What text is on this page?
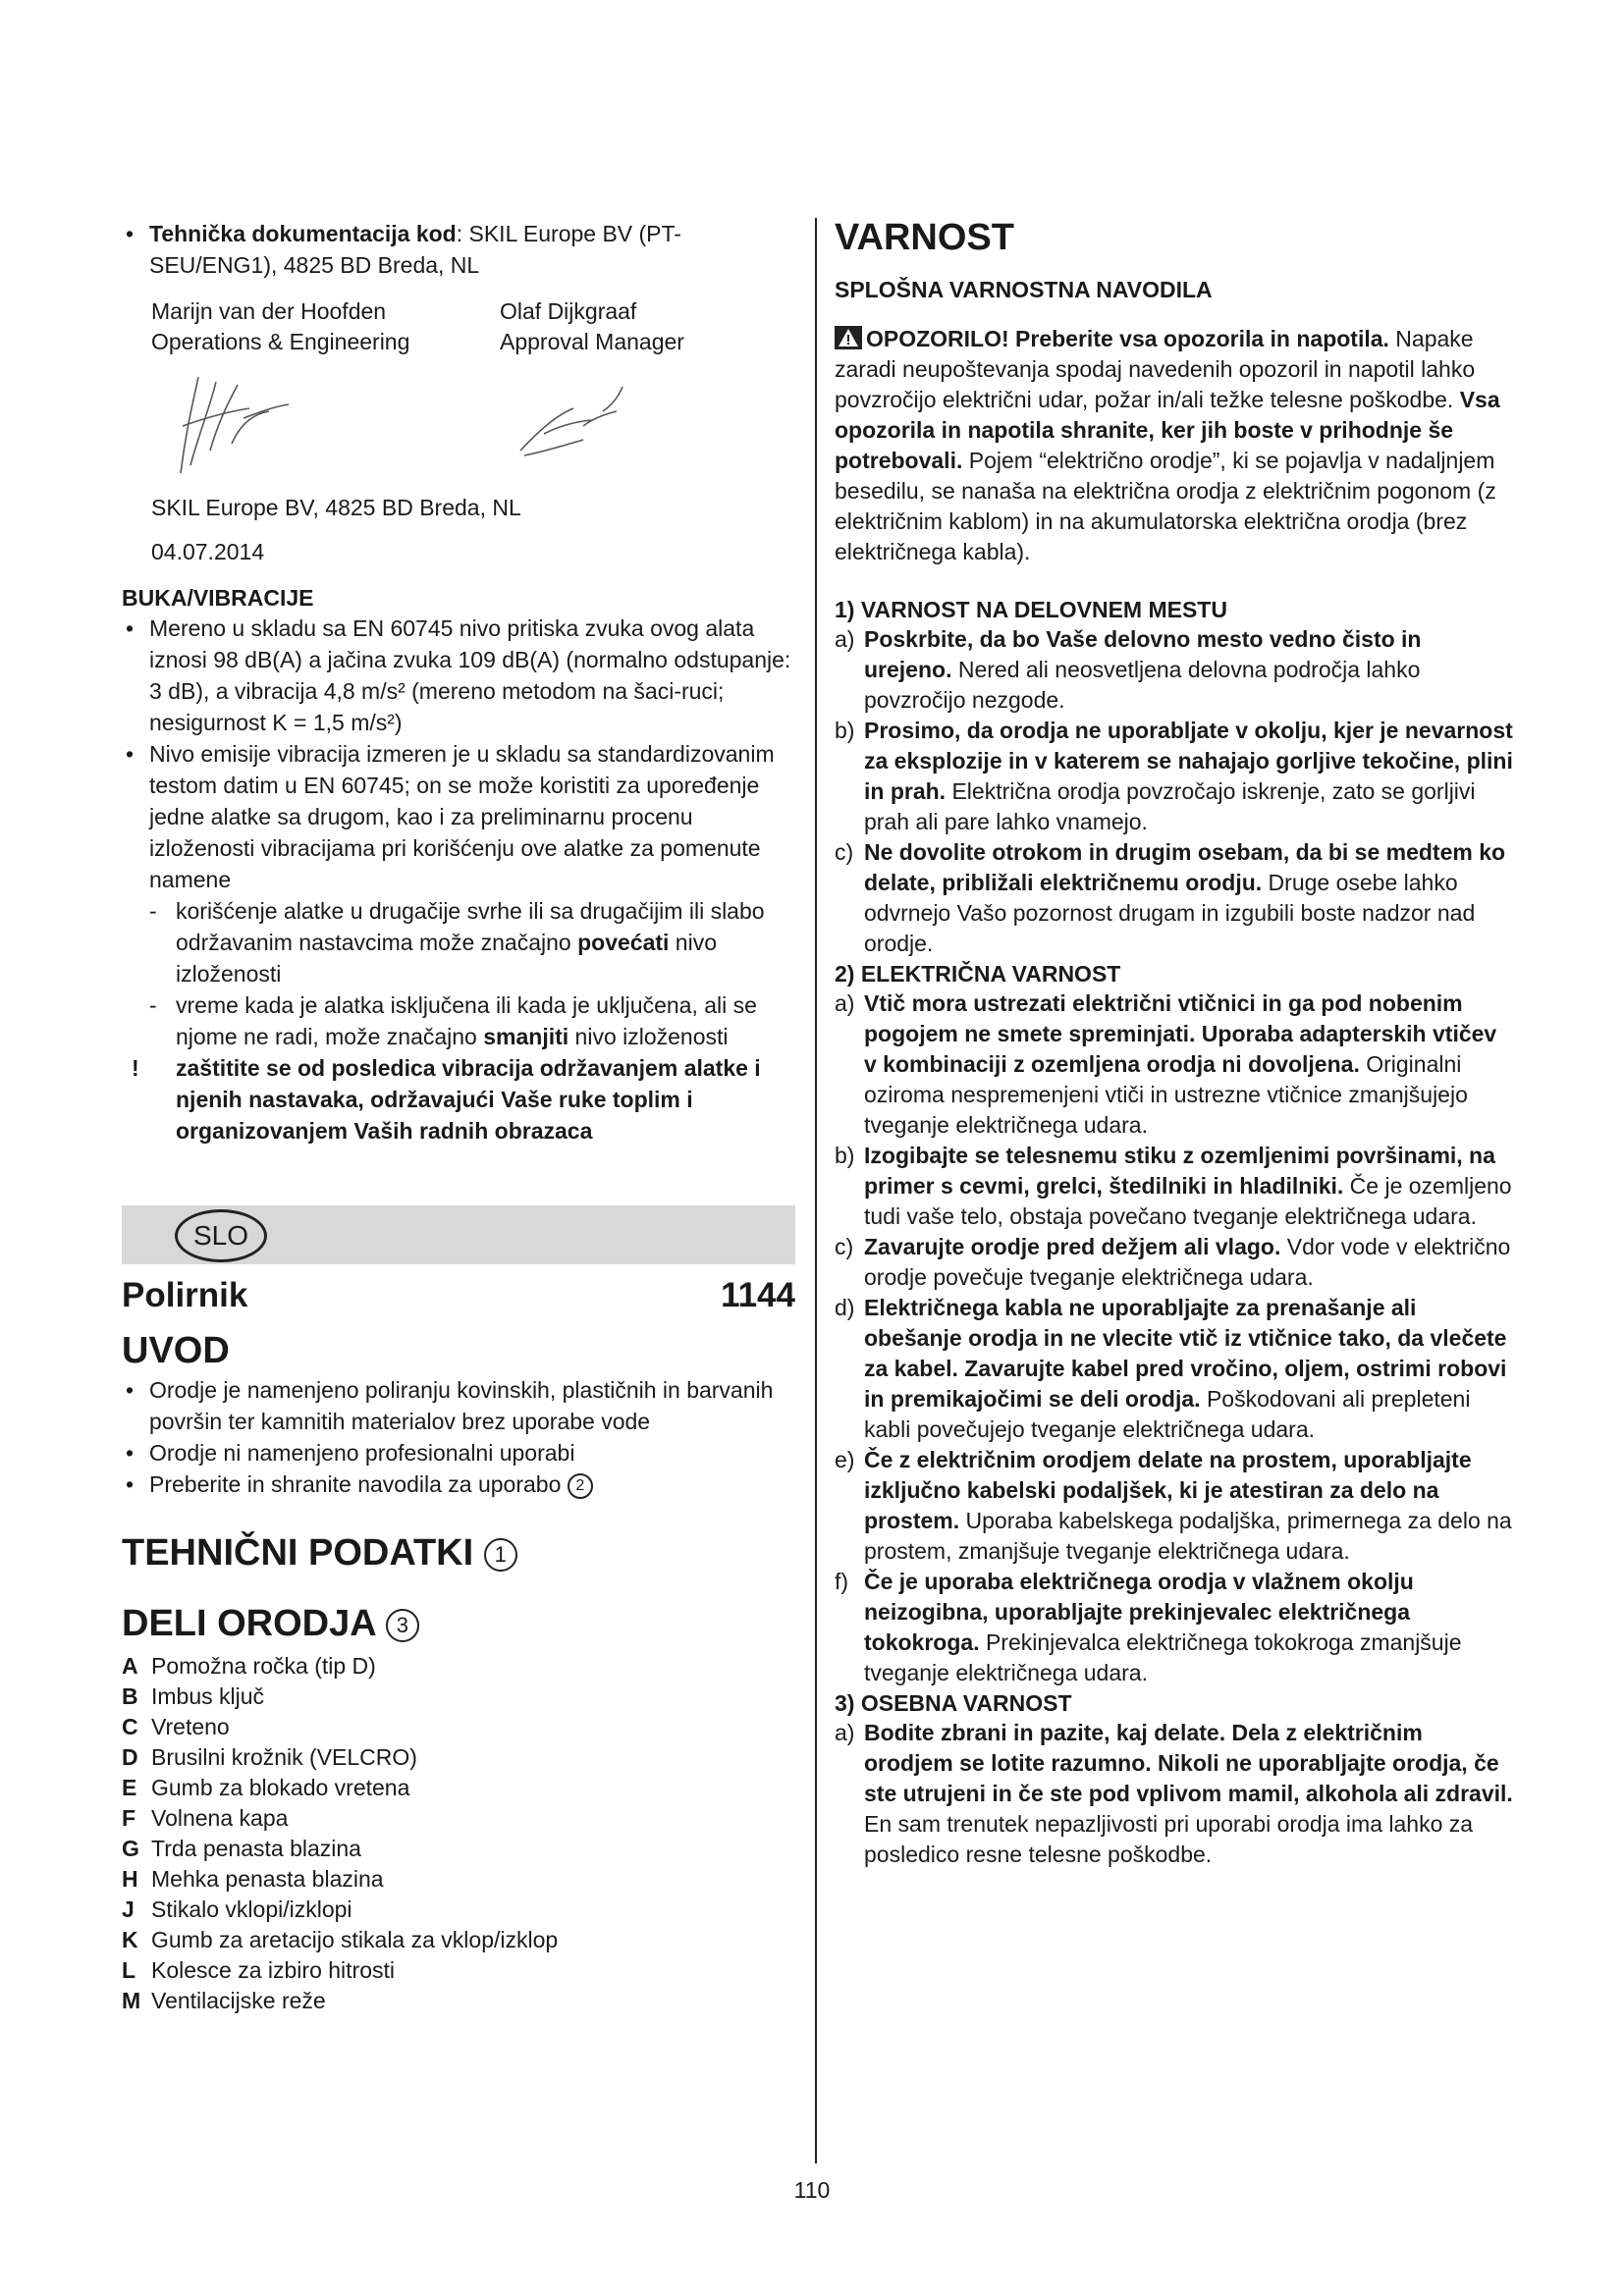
• Tehnička dokumentacija kod: SKIL Europe BV (PT-SEU/ENG1), 4825 BD Breda, NL
Marijn van der Hoofden
Operations & Engineering
Olaf Dijkgraaf
Approval Manager

SKIL Europe BV, 4825 BD Breda, NL

04.07.2014

BUKA/VIBRACIJE
• Mereno u skladu sa EN 60745 nivo pritiska zvuka ovog alata iznosi 98 dB(A) a jačina zvuka 109 dB(A) (normalno odstupanje: 3 dB), a vibracija 4,8 m/s² (mereno metodom na šaci-ruci; nesigurnost K = 1,5 m/s²)
• Nivo emisije vibracija izmeren je u skladu sa standardizovanim testom datim u EN 60745; on se može koristiti za upoređenje jedne alatke sa drugom, kao i za preliminarnu procenu izloženosti vibracijama pri korišćenju ove alatke za pomenute namene
- korišćenje alatke u drugačije svrhe ili sa drugačijim ili slabo održavanim nastavcima može značajno povećati nivo izloženosti
- vreme kada je alatka isključena ili kada je uključena, ali se njome ne radi, može značajno smanjiti nivo izloženosti
! zaštitite se od posledica vibracija održavanjem alatke i njenih nastavaka, održavajući Vaše ruke toplim i organizovanjem Vaših radnih obrazaca
SLO
Polirnik	1144
UVOD
• Orodje je namenjeno poliranju kovinskih, plastičnih in barvanih površin ter kamnitih materialov brez uporabe vode
• Orodje ni namenjeno profesionalni uporabi
• Preberite in shranite navodila za uporabo 2
TEHNIČNI PODATKI 1
DELI ORODJA 3
A Pomožna ročka (tip D)
B Imbus ključ
C Vreteno
D Brusilni krožnik (VELCRO)
E Gumb za blokado vretena
F Volnena kapa
G Trda penasta blazina
H Mehka penasta blazina
J Stikalo vklopi/izklopi
K Gumb za aretacijo stikala za vklop/izklop
L Kolesce za izbiro hitrosti
M Ventilacijske reže
VARNOST
SPLOŠNA VARNOSTNA NAVODILA

OPOZORILO! Preberite vsa opozorila in napotila. Napake zaradi neupoštevanja spodaj navedenih opozoril in napotil lahko povzročijo električni udar, požar in/ali težke telesne poškodbe. Vsa opozorila in napotila shranite, ker jih boste v prihodnje še potrebovali. Pojem “električno orodje”, ki se pojavlja v nadaljnjem besedilu, se nanaša na električna orodja z električnim pogonom (z električnim kablom) in na akumulatorska električna orodja (brez električnega kabla).

1) VARNOST NA DELOVNEM MESTU
a) Poskrbite, da bo Vaše delovno mesto vedno čisto in urejeno. Nered ali neosvetljena delovna področja lahko povzročijo nezgode.
b) Prosimo, da orodja ne uporabljate v okolju, kjer je nevarnost za eksplozije in v katerem se nahajajo gorljive tekočine, plini in prah. Električna orodja povzročajo iskrenje, zato se gorljivi prah ali pare lahko vnamejo.
c) Ne dovolite otrokom in drugim osebam, da bi se medtem ko delate, približali električnemu orodju. Druge osebe lahko odvrnejo Vašo pozornost drugam in izgubili boste nadzor nad orodje.
2) ELEKTRIČNA VARNOST
a) Vtič mora ustrezati električni vtičnici in ga pod nobenim pogojem ne smete spreminjati. Uporaba adapterskih vtičev v kombinaciji z ozemljena orodja ni dovoljena. Originalni oziroma nespremenjeni vtiči in ustrezne vtičnice zmanjšujejo tveganje električnega udara.
b) Izogibajte se telesnemu stiku z ozemljenimi površinami, na primer s cevmi, grelci, štedilniki in hladilniki. Če je ozemljeno tudi vaše telo, obstaja povečano tveganje električnega udara.
c) Zavarujte orodje pred dežjem ali vlago. Vdor vode v električno orodje povečuje tveganje električnega udara.
d) Električnega kabla ne uporabljajte za prenašanje ali obešanje orodja in ne vlecite vtič iz vtičnice tako, da vlečete za kabel. Zavarujte kabel pred vročino, oljem, ostrimi robovi in premikajočimi se deli orodja. Poškodovani ali prepleteni kabli povečujejo tveganje električnega udara.
e) Če z električnim orodjem delate na prostem, uporabljajte izključno kabelski podaljšek, ki je atestiran za delo na prostem. Uporaba kabelskega podaljška, primernega za delo na prostem, zmanjšuje tveganje električnega udara.
f) Če je uporaba električnega orodja v vlažnem okolju neizogibna, uporabljajte prekinjevalec električnega tokokroga. Prekinjevalca električnega tokokroga zmanjšuje tveganje električnega udara.
3) OSEBNA VARNOST
a) Bodite zbrani in pazite, kaj delate. Dela z električnim orodjem se lotite razumno. Nikoli ne uporabljajte orodja, če ste utrujeni in če ste pod vplivom mamil, alkohola ali zdravil. En sam trenutek nepazljivosti pri uporabi orodja ima lahko za posledico resne telesne poškodbe.
110
